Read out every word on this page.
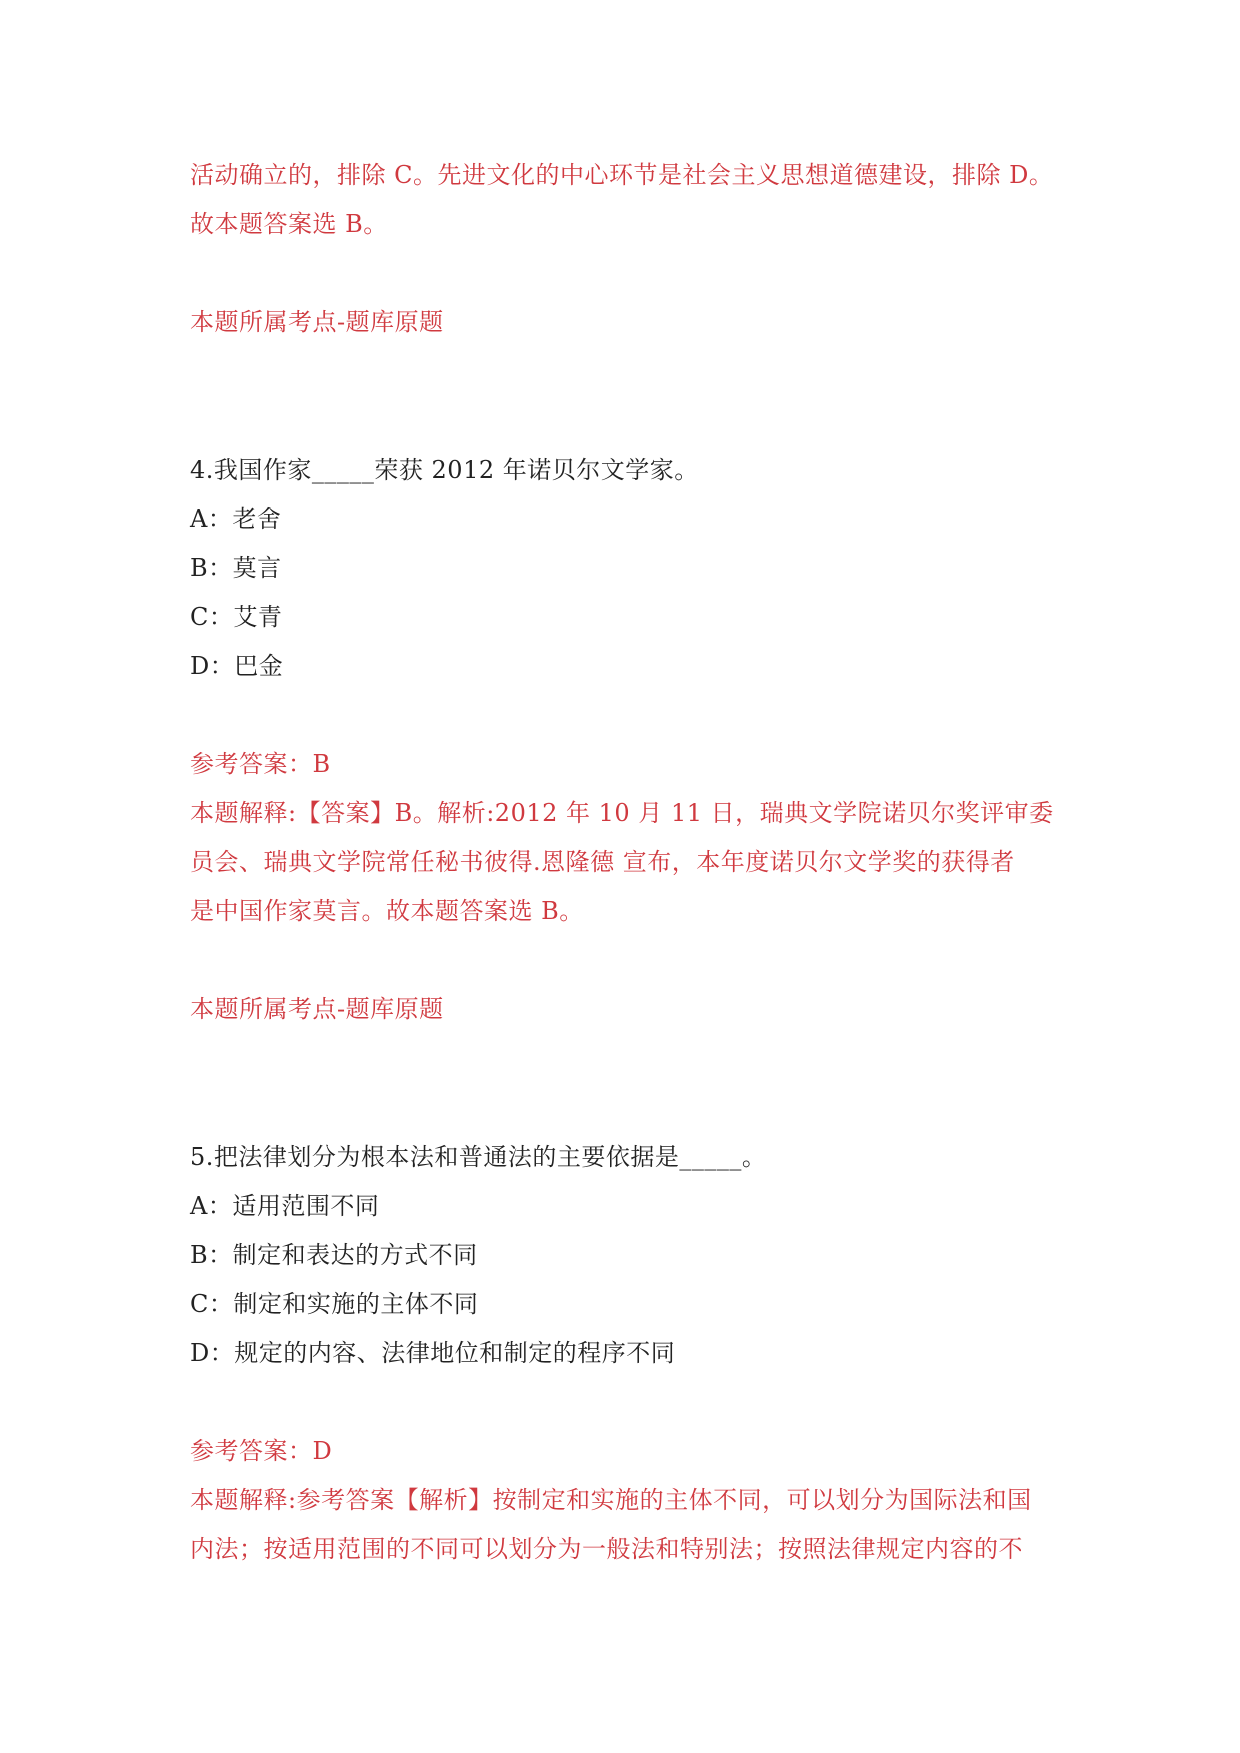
活动确立的，排除 C。先进文化的中心环节是社会主义思想道德建设，排除 D。
故本题答案选 B。
本题所属考点-题库原题
4.我国作家_____荣获 2012 年诺贝尔文学家。
A：老舍
B：莫言
C：艾青
D：巴金
参考答案：B
本题解释:【答案】B。解析:2012 年 10 月 11 日，瑞典文学院诺贝尔奖评审委
员会、瑞典文学院常任秘书彼得.恩隆德 宣布，本年度诺贝尔文学奖的获得者
是中国作家莫言。故本题答案选 B。
本题所属考点-题库原题
5.把法律划分为根本法和普通法的主要依据是_____。
A：适用范围不同
B：制定和表达的方式不同
C：制定和实施的主体不同
D：规定的内容、法律地位和制定的程序不同
参考答案：D
本题解释:参考答案【解析】按制定和实施的主体不同，可以划分为国际法和国
内法；按适用范围的不同可以划分为一般法和特别法；按照法律规定内容的不
